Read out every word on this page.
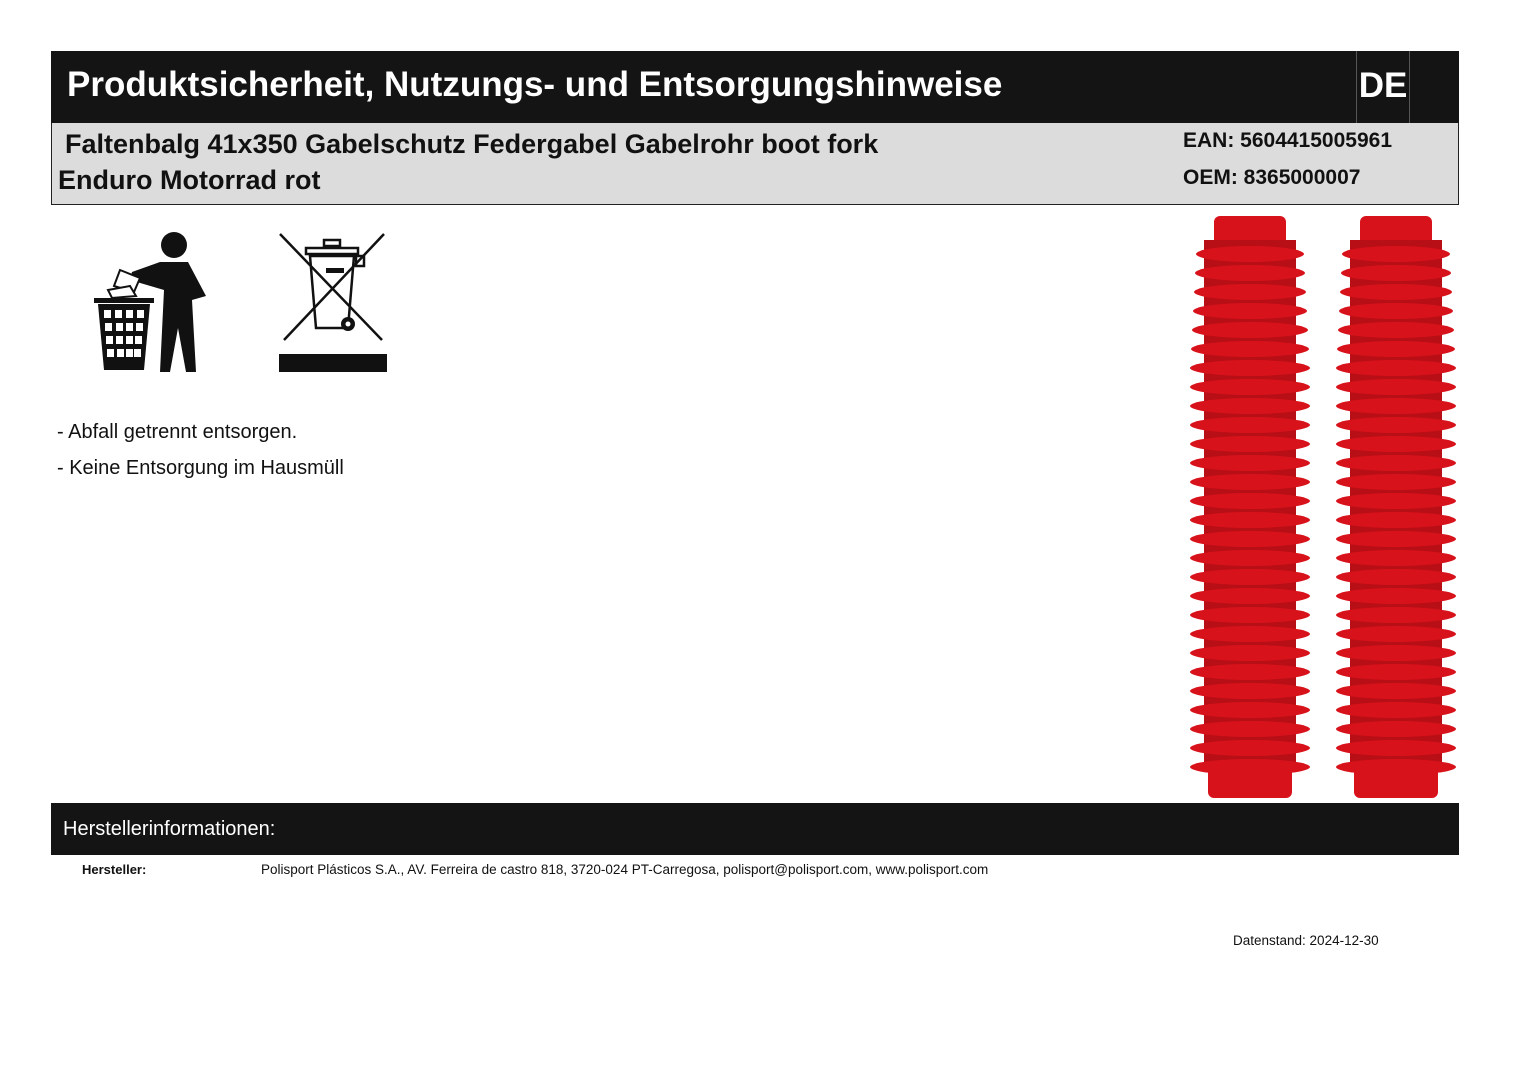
Produktsicherheit, Nutzungs- und Entsorgungshinweise	DE
Faltenbalg 41x350 Gabelschutz Federgabel Gabelrohr boot fork
Enduro Motorrad rot
EAN: 5604415005961
OEM: 8365000007
- Abfall getrennt entsorgen.
- Keine Entsorgung im Hausmüll
Herstellerinformationen:
Hersteller:	Polisport Plásticos S.A., AV. Ferreira de castro 818, 3720-024 PT-Carregosa, polisport@polisport.com, www.polisport.com
Datenstand: 2024-12-30
